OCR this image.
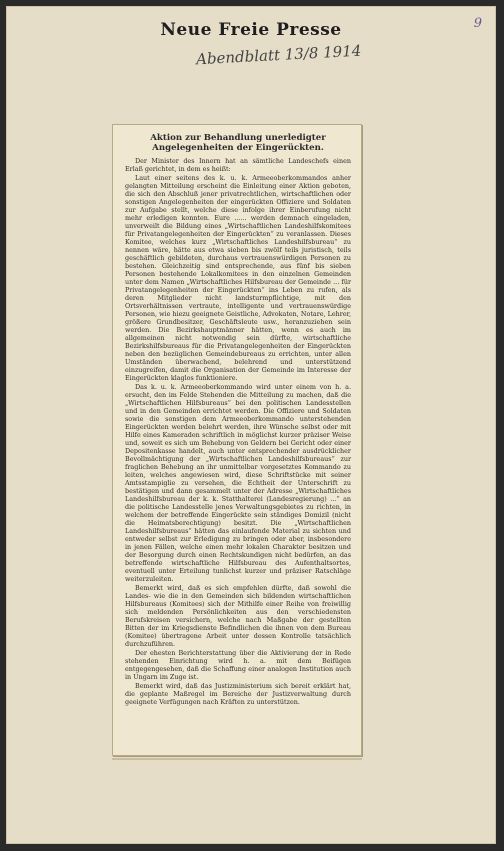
9
Neue Freie Presse
Abendblatt 13/8 1914
Aktion zur Behandlung unerledigter Angelegenheiten der Eingerückten.

Der Minister des Innern hat an sämtliche Landeschefs einen Erlaß gerichtet, in dem es heißt:

Laut einer seitens des k. u. k. Armeeoberkommandos anher gelangten Mitteilung erscheint die Einleitung einer Aktion geboten, die sich den Abschluß jener privatrechtlichen, wirtschaftlichen oder sonstigen Angelegenheiten der eingerückten Offiziere und Soldaten zur Aufgabe stellt, welche diese infolge ihrer Einberufung nicht mehr erledigen konnten. Eure ...... werden demnach eingeladen, unverweilt die Bildung eines „Wirtschaftlichen Landeshilfskomitees für Privatangelegenheiten der Eingerückten“ zu veranlassen. Dieses Komitee, welches kurz „Wirtschaftliches Landeshilfsbureau“ zu nennen wäre, hätte aus etwa sieben bis zwölf teils juristisch, teils geschäftlich gebildeten, durchaus vertrauenswürdigen Personen zu bestehen. Gleichzeitig sind entsprechende, aus fünf bis sieben Personen bestehende Lokalkomitees in den einzelnen Gemeinden unter dem Namen „Wirtschaftliches Hilfsbureau der Gemeinde ... für Privatangelegenheiten der Eingerückten“ ins Leben zu rufen, als deren Mitglieder nicht landsturmpflichtige, mit den Ortsverhältnissen vertraute, intelligente und vertrauenswürdige Personen, wie hiezu geeignete Geistliche, Advokaten, Notare, Lehrer, größere Grundbesitzer, Geschäftsleute usw., heranzuziehen sein werden. Die Bezirkshauptmänner hätten, wenn es auch im allgemeinen nicht notwendig sein dürfte, wirtschaftliche Bezirkshilfsbureaus für die Privatangelegenheiten der Eingerückten neben den bezüglichen Gemeindebureaus zu errichten, unter allen Umständen überwachend, belehrend und unterstützend einzugreifen, damit die Organisation der Gemeinde im Interesse der Eingerückten klaglos funktioniere.

Das k. u. k. Armeeoberkommando wird unter einem von h. a. ersucht, den im Felde Stehenden die Mitteilung zu machen, daß die „Wirtschaftlichen Hilfsbureaus“ bei den politischen Landesstellen und in den Gemeinden errichtet werden. Die Offiziere und Soldaten sowie die sonstigen dem Armeeoberkommando unterstehenden Eingerückten werden belehrt werden, ihre Wünsche selbst oder mit Hilfe eines Kameraden schriftlich in möglichst kurzer präziser Weise und, soweit es sich um Behebung von Geldern bei Gericht oder einer Depositenkasse handelt, auch unter entsprechender ausdrücklicher Bevollmächtigung der „Wirtschaftlichen Landeshilfsbureaus“ zur fraglichen Behebung an ihr unmittelbar vorgesetztes Kommando zu leiten, welches angewiesen wird, diese Schriftstücke mit seiner Amtsstampiglie zu versehen, die Echtheit der Unterschrift zu bestätigen und dann gesammelt unter der Adresse „Wirtschaftliches Landeshilfsbureau der k. k. Statthalterei (Landesregierung) ...“ an die politische Landesstelle jenes Verwaltungsgebietes zu richten, in welchem der betreffende Eingerückte sein ständiges Domizil (nicht die Heimatsberechtigung) besitzt. Die „Wirtschaftlichen Landeshilfsbureaus“ hätten das einlaufende Material zu sichten und entweder selbst zur Erledigung zu bringen oder aber, insbesondere in jenen Fällen, welche einen mehr lokalen Charakter besitzen und der Besorgung durch einen Rechtskundigen nicht bedürfen, an das betreffende wirtschaftliche Hilfsbureau des Aufenthaltsortes, eventuell unter Erteilung tunlichst kurzer und präziser Ratschläge weiterzuleiten.

Bemerkt wird, daß es sich empfehlen dürfte, daß sowohl die Landes- wie die in den Gemeinden sich bildenden wirtschaftlichen Hilfsbureaus (Komitees) sich der Mithilfe einer Reihe von freiwillig sich meldenden Persönlichkeiten aus den verschiedensten Berufskreisen versichern, welche nach Maßgabe der gestellten Bitten der im Kriegsdienste Befindlichen die ihnen von dem Bureau (Komitee) übertragene Arbeit unter dessen Kontrolle tatsächlich durchzuführen.

Der ehesten Berichterstattung über die Aktivierung der in Rede stehenden Einrichtung wird h. a. mit dem Beifügen entgegengesehen, daß die Schaffung einer analogen Institution auch in Ungarn im Zuge ist.

Bemerkt wird, daß das Justizministerium sich bereit erklärt hat, die geplante Maßregel im Bereiche der Justizverwaltung durch geeignete Verfügungen nach Kräften zu unterstützen.
